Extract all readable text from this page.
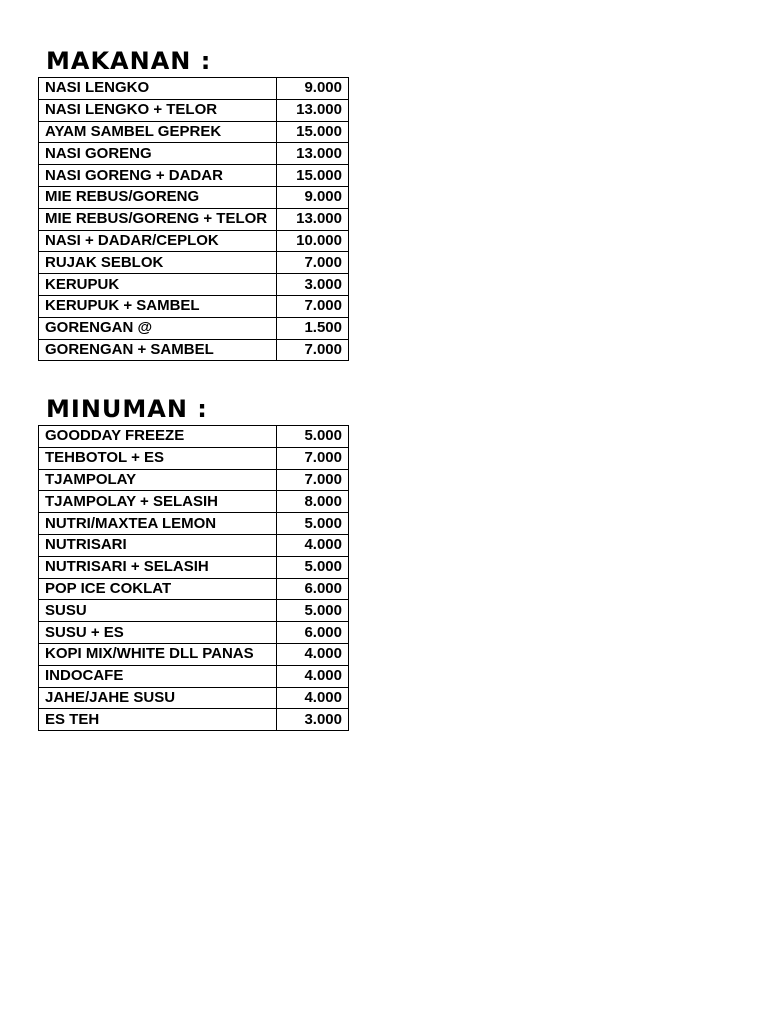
MAKANAN :
NASI LENGKO	9.000
NASI LENGKO + TELOR	13.000
AYAM SAMBEL GEPREK	15.000
NASI GORENG	13.000
NASI GORENG + DADAR	15.000
MIE REBUS/GORENG	9.000
MIE REBUS/GORENG + TELOR	13.000
NASI + DADAR/CEPLOK	10.000
RUJAK SEBLOK	7.000
KERUPUK	3.000
KERUPUK + SAMBEL	7.000
GORENGAN @	1.500
GORENGAN + SAMBEL	7.000
MINUMAN :
GOODDAY FREEZE	5.000
TEHBOTOL + ES	7.000
TJAMPOLAY	7.000
TJAMPOLAY + SELASIH	8.000
NUTRI/MAXTEA LEMON	5.000
NUTRISARI	4.000
NUTRISARI + SELASIH	5.000
POP ICE COKLAT	6.000
SUSU	5.000
SUSU + ES	6.000
KOPI MIX/WHITE DLL PANAS	4.000
INDOCAFE	4.000
JAHE/JAHE SUSU	4.000
ES TEH	3.000
